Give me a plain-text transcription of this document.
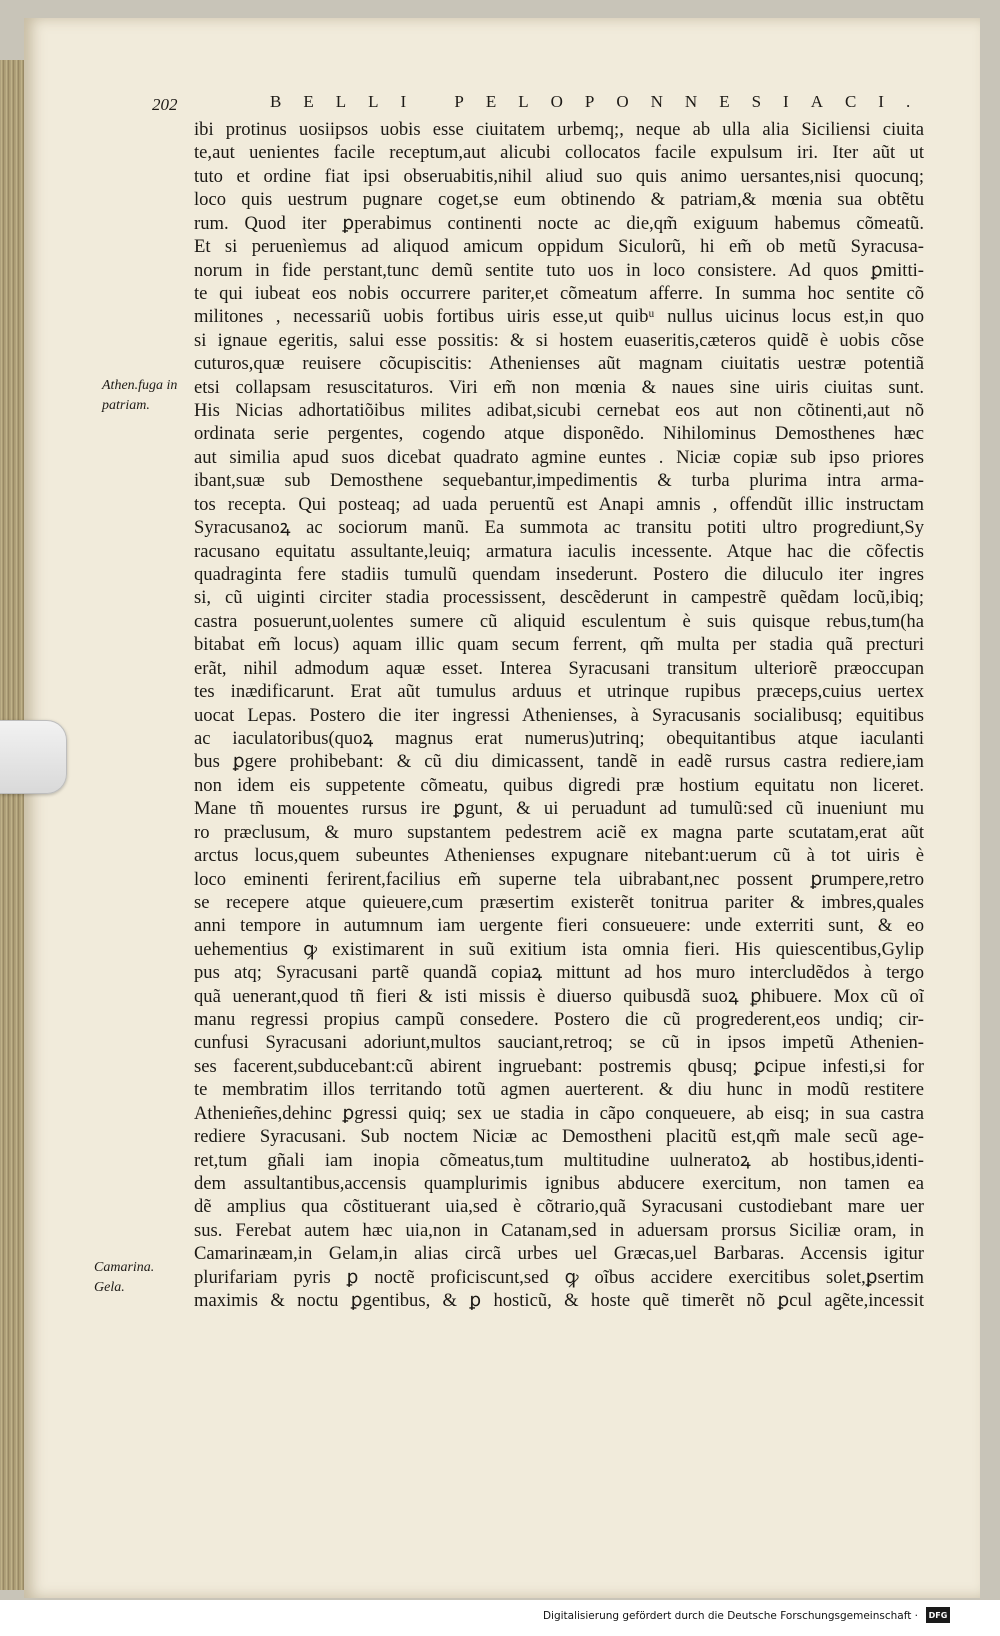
202	BELLI PELOPONNESIACI.

ibi protinus uosiipsos uobis esse ciuitatem urbemq;, neque ab ulla alia Siciliensi ciuita
te,aut uenientes facile receptum,aut alicubi collocatos facile expulsum iri. Iter aũt ut
tuto et ordine fiat ipsi obseruabitis,nihil aliud suo quis animo uersantes,nisi quocunq;
loco quis uestrum pugnare coget,se eum obtinendo & patriam,& mœnia sua obtẽtu
rum. Quod iter ꝑperabimus continenti nocte ac die,qm̃ exiguum habemus cõmeatũ.
Et si peruenìemus ad aliquod amicum oppidum Siculorũ, hi em̃ ob metũ Syracusa-
norum in fide perstant,tunc demũ sentite tuto uos in loco consistere. Ad quos ꝑmitti-
te qui iubeat eos nobis occurrere pariter,et cõmeatum afferre. In summa hoc sentite cõ
militones , necessariũ uobis fortibus uiris esse,ut quibᵘ nullus uicinus locus est,in quo
si ignaue egeritis, salui esse possitis: & si hostem euaseritis,cæteros quidẽ è uobis cõse
cuturos,quæ reuisere cõcupiscitis: Athenienses aũt magnam ciuitatis uestræ potentiã
etsi collapsam resuscitaturos. Viri em̃ non mœnia & naues sine uiris ciuitas sunt.
His Nicias adhortatiõibus milites adibat,sicubi cernebat eos aut non cõtinenti,aut nõ
ordinata serie pergentes, cogendo atque disponẽdo. Nihilominus Demosthenes hæc
aut similia apud suos dicebat quadrato agmine euntes . Niciæ copiæ sub ipso priores
ibant,suæ sub Demosthene sequebantur,impedimentis & turba plurima intra arma-
tos recepta. Qui posteaq; ad uada peruentũ est Anapi amnis , offendũt illic instructam
Syracusanoꝝ ac sociorum manũ. Ea summota ac transitu potiti ultro progrediunt,Sy
racusano equitatu assultante,leuiq; armatura iaculis incessente. Atque hac die cõfectis
quadraginta fere stadiis tumulũ quendam insederunt. Postero die diluculo iter ingres
si, cũ uiginti circiter stadia processissent, descẽderunt in campestrẽ quẽdam locũ,ibiq;
castra posuerunt,uolentes sumere cũ aliquid esculentum è suis quisque rebus,tum(ha
bitabat em̃ locus) aquam illic quam secum ferrent, qm̃ multa per stadia quã precturi
erãt, nihil admodum aquæ esset. Interea Syracusani transitum ulteriorẽ præoccupan
tes inædificarunt. Erat aũt tumulus arduus et utrinque rupibus præceps,cuius uertex
uocat Lepas. Postero die iter ingressi Athenienses, à Syracusanis socialibusq; equitibus
ac iaculatoribus(quoꝝ magnus erat numerus)utrinq; obequitantibus atque iaculanti
bus ꝑgere prohibebant: & cũ diu dimicassent, tandẽ in eadẽ rursus castra rediere,iam
non idem eis suppetente cõmeatu, quibus digredi præ hostium equitatu non liceret.
Mane tñ mouentes rursus ire ꝑgunt, & ui peruadunt ad tumulũ:sed cũ inueniunt mu
ro præclusum, & muro supstantem pedestrem aciẽ ex magna parte scutatam,erat aũt
arctus locus,quem subeuntes Athenienses expugnare nitebant:uerum cũ à tot uiris è
loco eminenti ferirent,facilius em̃ superne tela uibrabant,nec possent ꝑrumpere,retro
se recepere atque quieuere,cum præsertim existerẽt tonitrua pariter & imbres,quales
anni tempore in autumnum iam uergente fieri consueuere: unde exterriti sunt, & eo
uehementius ꝙ existimarent in suũ exitium ista omnia fieri. His quiescentibus,Gylip
pus atq; Syracusani partẽ quandã copiaꝝ mittunt ad hos muro intercludẽdos à tergo
quã uenerant,quod tñ fieri & isti missis è diuerso quibusdã suoꝝ ꝑhibuere. Mox cũ oĩ
manu regressi propius campũ consedere. Postero die cũ progrederent,eos undiq; cir-
cunfusi Syracusani adoriunt,multos sauciant,retroq; se cũ in ipsos impetũ Athenien-
ses facerent,subducebant:cũ abirent ingruebant: postremis qbusq; ꝑcipue infesti,si for
te membratim illos territando totũ agmen auerterent. & diu hunc in modũ restitere
Athenieñes,dehinc ꝑgressi quiq; sex ue stadia in cãpo conqueuere, ab eisq; in sua castra
rediere Syracusani. Sub noctem Niciæ ac Demostheni placitũ est,qm̃ male secũ age-
ret,tum gñali iam inopia cõmeatus,tum multitudine uulneratoꝝ ab hostibus,identi-
dem assultantibus,accensis quamplurimis ignibus abducere exercitum, non tamen ea
dẽ amplius qua cõstituerant uia,sed è cõtrario,quã Syracusani custodiebant mare uer
sus. Ferebat autem hæc uia,non in Catanam,sed in aduersam prorsus Siciliæ oram, in
Camarinæam,in Gelam,in alias circã urbes uel Græcas,uel Barbaras. Accensis igitur
plurifariam pyris ꝑ noctẽ proficiscunt,sed ꝙ oĩbus accidere exercitibus solet,ꝑsertim
maximis & noctu ꝑgentibus, & ꝑ hosticũ, & hoste quẽ timerẽt nõ ꝑcul agẽte,incessit

Athen.fuga in patriam.

Camarina. Gela.

Digitalisierung gefördert durch die Deutsche Forschungsgemeinschaft ·	DFG
